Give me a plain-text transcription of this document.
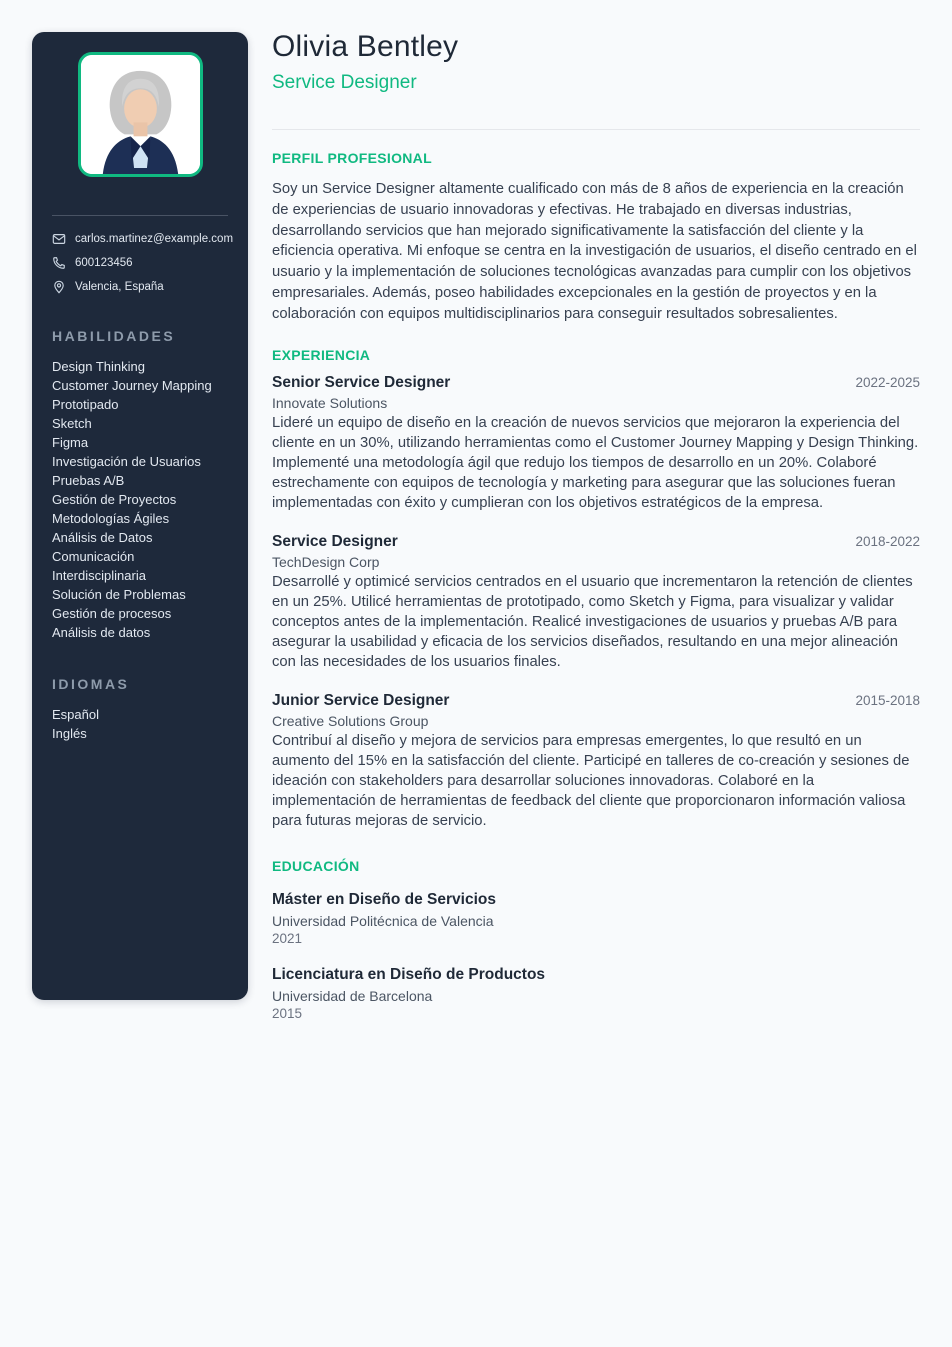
carlos.martinez@example.com
600123456
Valencia, España
HABILIDADES
Design Thinking
Customer Journey Mapping
Prototipado
Sketch
Figma
Investigación de Usuarios
Pruebas A/B
Gestión de Proyectos
Metodologías Ágiles
Análisis de Datos
Comunicación Interdisciplinaria
Solución de Problemas
Gestión de procesos
Análisis de datos
IDIOMAS
Español
Inglés
Olivia Bentley
Service Designer
PERFIL PROFESIONAL

Soy un Service Designer altamente cualificado con más de 8 años de experiencia en la creación de experiencias de usuario innovadoras y efectivas. He trabajado en diversas industrias, desarrollando servicios que han mejorado significativamente la satisfacción del cliente y la eficiencia operativa. Mi enfoque se centra en la investigación de usuarios, el diseño centrado en el usuario y la implementación de soluciones tecnológicas avanzadas para cumplir con los objetivos empresariales. Además, poseo habilidades excepcionales en la gestión de proyectos y en la colaboración con equipos multidisciplinarios para conseguir resultados sobresalientes.

EXPERIENCIA
Senior Service Designer	2022-2025
Innovate Solutions

Lideré un equipo de diseño en la creación de nuevos servicios que mejoraron la experiencia del cliente en un 30%, utilizando herramientas como el Customer Journey Mapping y Design Thinking. Implementé una metodología ágil que redujo los tiempos de desarrollo en un 20%. Colaboré estrechamente con equipos de tecnología y marketing para asegurar que las soluciones fueran implementadas con éxito y cumplieran con los objetivos estratégicos de la empresa.

Service Designer	2018-2022
TechDesign Corp

Desarrollé y optimicé servicios centrados en el usuario que incrementaron la retención de clientes en un 25%. Utilicé herramientas de prototipado, como Sketch y Figma, para visualizar y validar conceptos antes de la implementación. Realicé investigaciones de usuarios y pruebas A/B para asegurar la usabilidad y eficacia de los servicios diseñados, resultando en una mejor alineación con las necesidades de los usuarios finales.

Junior Service Designer	2015-2018
Creative Solutions Group

Contribuí al diseño y mejora de servicios para empresas emergentes, lo que resultó en un aumento del 15% en la satisfacción del cliente. Participé en talleres de co-creación y sesiones de ideación con stakeholders para desarrollar soluciones innovadoras. Colaboré en la implementación de herramientas de feedback del cliente que proporcionaron información valiosa para futuras mejoras de servicio.

EDUCACIÓN
Máster en Diseño de Servicios
Universidad Politécnica de Valencia
2021
Licenciatura en Diseño de Productos
Universidad de Barcelona
2015
